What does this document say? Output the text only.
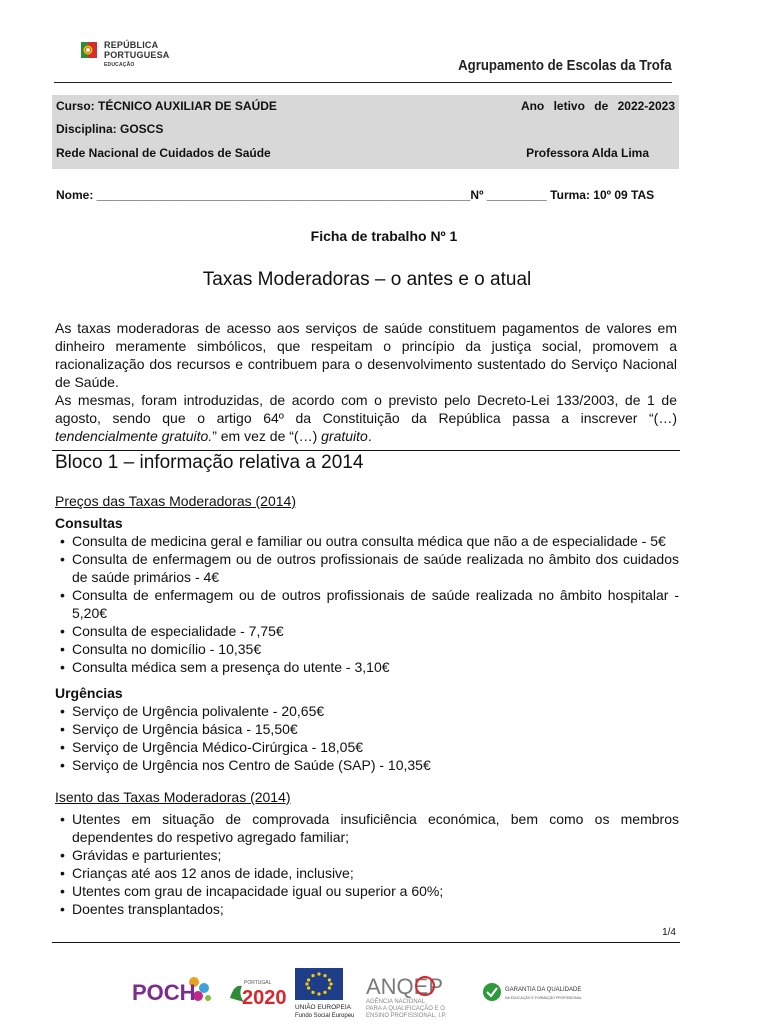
REPÚBLICA
PORTUGUESA
EDUCAÇÃO	Agrupamento de Escolas da Trofa
Curso: TÉCNICO AUXILIAR DE SAÚDE	Ano letivo de 2022-2023
Disciplina: GOSCS
Rede Nacional de Cuidados de Saúde	Professora Alda Lima
Nome: ________________________________________________________Nº _________ Turma: 10º 09 TAS
Ficha de trabalho Nº 1
Taxas Moderadoras – o antes e o atual

As taxas moderadoras de acesso aos serviços de saúde constituem pagamentos de valores em dinheiro meramente simbólicos, que respeitam o princípio da justiça social, promovem a racionalização dos recursos e contribuem para o desenvolvimento sustentado do Serviço Nacional de Saúde.

As mesmas, foram introduzidas, de acordo com o previsto pelo Decreto-Lei 133/2003, de 1 de agosto, sendo que o artigo 64º da Constituição da República passa a inscrever “(…) tendencialmente gratuito.” em vez de “(…) gratuito.

Bloco 1 – informação relativa a 2014
Preços das Taxas Moderadoras (2014)
Consultas
• Consulta de medicina geral e familiar ou outra consulta médica que não a de especialidade - 5€
• Consulta de enfermagem ou de outros profissionais de saúde realizada no âmbito dos cuidados de saúde primários - 4€
• Consulta de enfermagem ou de outros profissionais de saúde realizada no âmbito hospitalar - 5,20€
• Consulta de especialidade - 7,75€
• Consulta no domicílio - 10,35€
• Consulta médica sem a presença do utente - 3,10€
Urgências
• Serviço de Urgência polivalente - 20,65€
• Serviço de Urgência básica - 15,50€
• Serviço de Urgência Médico-Cirúrgica - 18,05€
• Serviço de Urgência nos Centro de Saúde (SAP) - 10,35€
Isento das Taxas Moderadoras (2014)
• Utentes em situação de comprovada insuficiência económica, bem como os membros dependentes do respetivo agregado familiar;
• Grávidas e parturientes;
• Crianças até aos 12 anos de idade, inclusive;
• Utentes com grau de incapacidade igual ou superior a 60%;
• Doentes transplantados;
1/4
POCH	PORTUGAL
2020 UNIÃO EUROPEIA
Fundo Social Europeu
ANQEP
AGÊNCIA NACIONAL
PARA A QUALIFICAÇÃO E O
ENSINO PROFISSIONAL, I.P.
GARANTIA DA QUALIDADE
NA EDUCAÇÃO E FORMAÇÃO PROFISSIONAL
